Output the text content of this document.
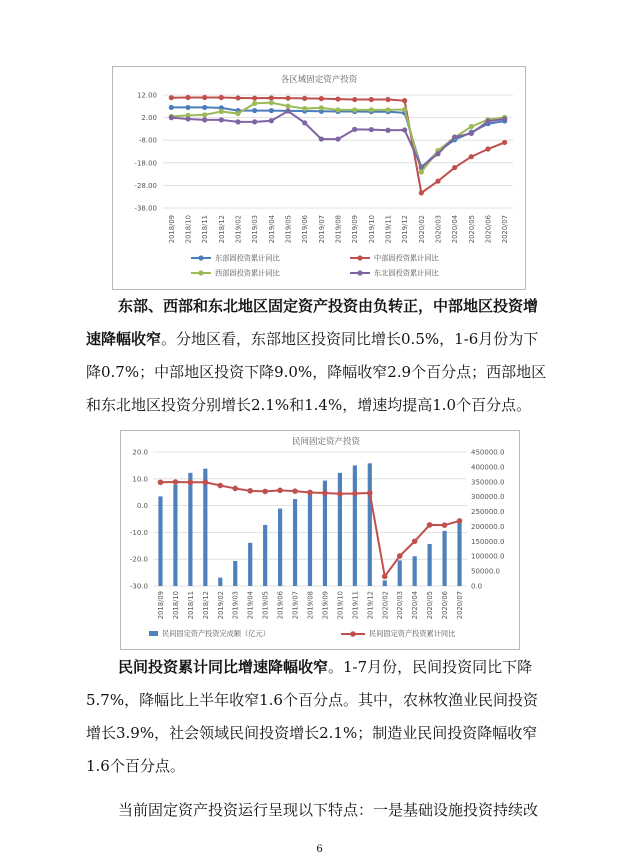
各区域固定资产投资
12.00
2.00
-8.00
-18.00
-28.00
-38.00
2018/09 2018/10 2018/11 2018/12 2019/02 2019/03 2019/04 2019/05 2019/06 2019/07 2019/08 2019/09 2019/10 2019/11 2019/12 2020/02 2020/03 2020/04 2020/05 2020/06 2020/07
东部固投资累计同比	中部固投资累计同比
西部固投资累计同比	东北固投资累计同比
东部、西部和东北地区固定资产投资由负转正，中部地区投资增
速降幅收窄。分地区看，东部地区投资同比增长0.5%，1-6月份为下
降0.7%；中部地区投资下降9.0%，降幅收窄2.9个百分点；西部地区
和东北地区投资分别增长2.1%和1.4%，增速均提高1.0个百分点。
民间固定资产投资
20.0
10.0
0.0
-10.0
-20.0
-30.0
450000.0
400000.0
350000.0
300000.0
250000.0
200000.0
150000.0
100000.0
50000.0
0.0
2018/09 2018/10 2018/11 2018/12 2019/02 2019/03 2019/04 2019/05 2019/06 2019/07 2019/08 2019/09 2019/10 2019/11 2019/12 2020/02 2020/03 2020/04 2020/05 2020/06 2020/07
民间固定资产投资完成额（亿元）	民间固定资产投资累计同比
民间投资累计同比增速降幅收窄。1-7月份，民间投资同比下降
5.7%，降幅比上半年收窄1.6个百分点。其中，农林牧渔业民间投资
增长3.9%，社会领域民间投资增长2.1%；制造业民间投资降幅收窄
1.6个百分点。
当前固定资产投资运行呈现以下特点：一是基础设施投资持续改
6
